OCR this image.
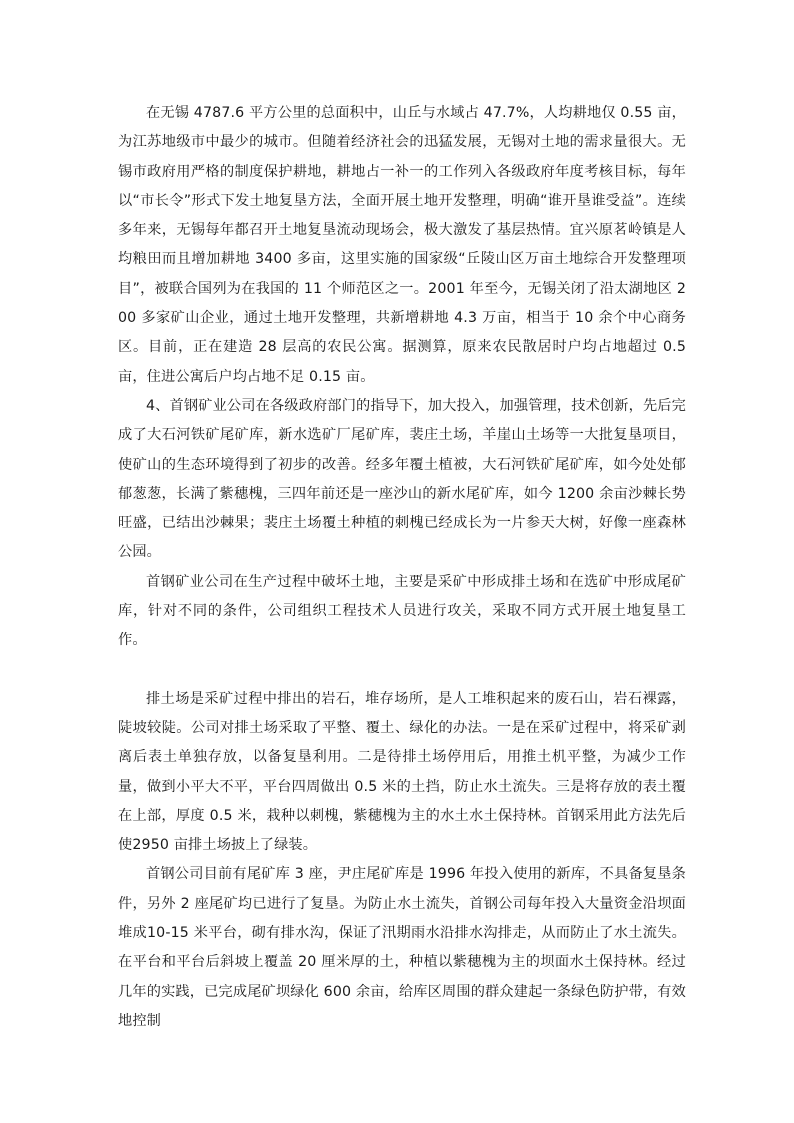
在无锡 4787.6 平方公里的总面积中，山丘与水域占 47.7%，人均耕地仅 0.55 亩，为江苏地级市中最少的城市。但随着经济社会的迅猛发展，无锡对土地的需求量很大。无锡市政府用严格的制度保护耕地，耕地占一补一的工作列入各级政府年度考核目标，每年以“市长令”形式下发土地复垦方法，全面开展土地开发整理，明确“谁开垦谁受益”。连续多年来，无锡每年都召开土地复垦流动现场会，极大激发了基层热情。宜兴原茗岭镇是人均粮田而且增加耕地 3400 多亩，这里实施的国家级“丘陵山区万亩土地综合开发整理项目”，被联合国列为在我国的 11 个师范区之一。2001 年至今，无锡关闭了沿太湖地区 200 多家矿山企业，通过土地开发整理，共新增耕地 4.3 万亩，相当于 10 余个中心商务区。目前，正在建造 28 层高的农民公寓。据测算，原来农民散居时户均占地超过 0.5 亩，住进公寓后户均占地不足 0.15 亩。

4、首钢矿业公司在各级政府部门的指导下，加大投入，加强管理，技术创新，先后完成了大石河铁矿尾矿库，新水选矿厂尾矿库，裴庄土场，羊崖山土场等一大批复垦项目，使矿山的生态环境得到了初步的改善。经多年覆土植被，大石河铁矿尾矿库，如今处处郁郁葱葱，长满了紫穗槐，三四年前还是一座沙山的新水尾矿库，如今 1200 余亩沙棘长势旺盛，已结出沙棘果；裴庄土场覆土种植的刺槐已经成长为一片参天大树，好像一座森林公园。

首钢矿业公司在生产过程中破坏土地，主要是采矿中形成排土场和在选矿中形成尾矿库，针对不同的条件，公司组织工程技术人员进行攻关，采取不同方式开展土地复垦工作。

排土场是采矿过程中排出的岩石，堆存场所，是人工堆积起来的废石山，岩石裸露，陡坡较陡。公司对排土场采取了平整、覆土、绿化的办法。一是在采矿过程中，将采矿剥离后表土单独存放，以备复垦利用。二是待排土场停用后，用推土机平整，为减少工作量，做到小平大不平，平台四周做出 0.5 米的土挡，防止水土流失。三是将存放的表土覆在上部，厚度 0.5 米，栽种以刺槐，紫穗槐为主的水土水土保持林。首钢采用此方法先后使2950 亩排土场披上了绿装。

首钢公司目前有尾矿库 3 座，尹庄尾矿库是 1996 年投入使用的新库，不具备复垦条件，另外 2 座尾矿均已进行了复垦。为防止水土流失，首钢公司每年投入大量资金沿坝面堆成10-15 米平台，砌有排水沟，保证了汛期雨水沿排水沟排走，从而防止了水土流失。在平台和平台后斜坡上覆盖 20 厘米厚的土，种植以紫穗槐为主的坝面水土保持林。经过几年的实践，已完成尾矿坝绿化 600 余亩，给库区周围的群众建起一条绿色防护带，有效地控制
